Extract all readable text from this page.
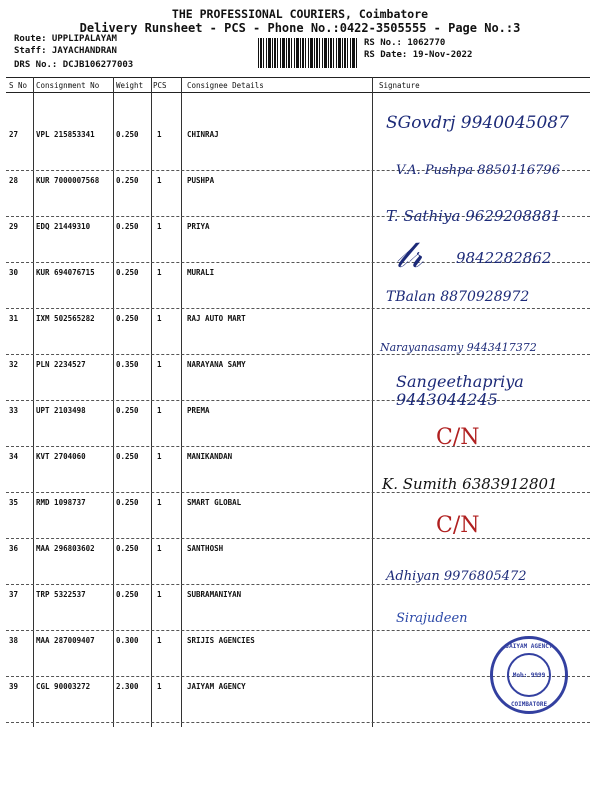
THE PROFESSIONAL COURIERS, Coimbatore
Delivery Runsheet - PCS - Phone No.:0422-3505555 - Page No.:3
Route: UPPLIPALAYAM
Staff: JAYACHANDRAN
DRS No.: DCJB106277003
RS No.: 1062770
RS Date: 19-Nov-2022
S No Consignment No Weight PCS	Consignee Details	Signature
27 VPL 215853341	0.250 1	CHINRAJ
SGovdrj 9940045087
28 KUR 7000007568 0.250 1	PUSHPA
V.A. Pushpa 8850116796
29 EDQ 21449310	0.250 1	PRIYA
T. Sathiya 9629208881
30 KUR 694076715	0.250 1	MURALI	𝓁𝓇 9842282862
31 IXM 502565282	0.250 1	RAJ AUTO MART
TBalan 8870928972
32 PLN 2234527	0.350 1	NARAYANA SAMY
Narayanasamy 9443417372
33 UPT 2103498	0.250 1	PREMA
Sangeethapriya 9443044245
34 KVT 2704060	0.250 1	MANIKANDAN
C/N
35 RMD 1098737	0.250 1	SMART GLOBAL
K. Sumith 6383912801
36 MAA 296803602	0.250 1	SANTHOSH
C/N
37 TRP 5322537	0.250 1	SUBRAMANIYAN
Adhiyan 9976805472
38 MAA 287009407	0.300 1	SRIJIS AGENCIES
Sirajudeen
39 CGL 90003272	2.300 1	JAIYAM AGENCY
JAIYAM AGENCY
Mob: 9999
COIMBATORE
